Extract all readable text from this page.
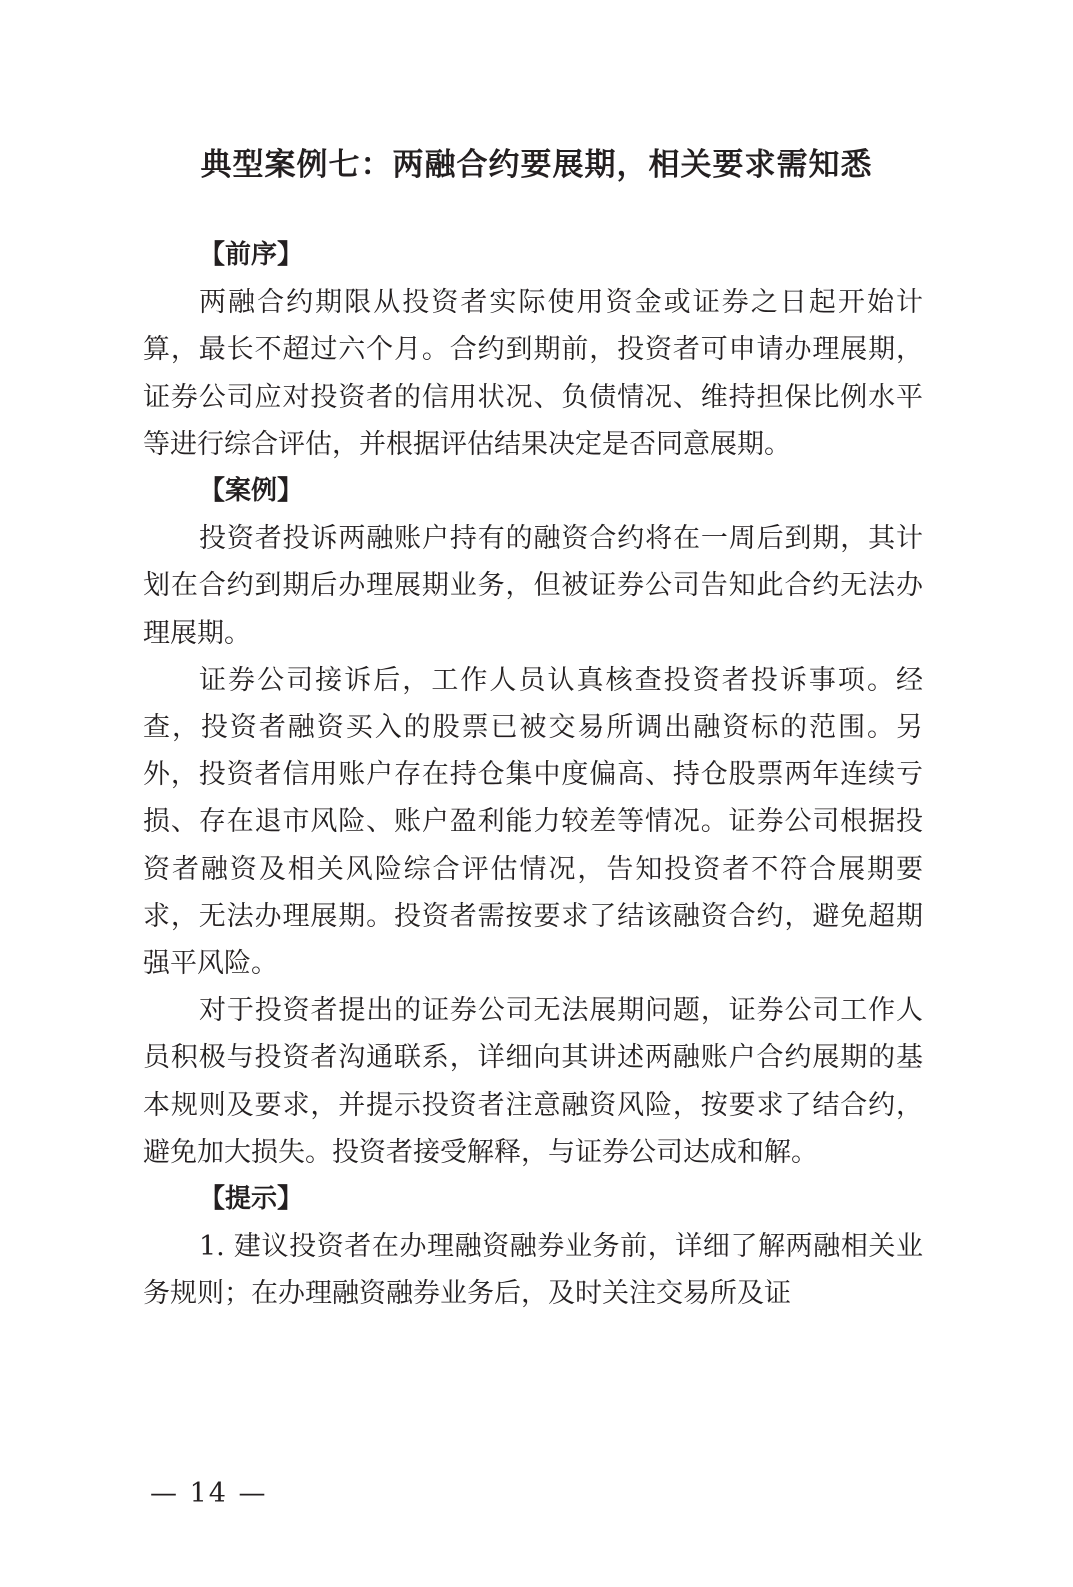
典型案例七：两融合约要展期，相关要求需知悉
【前序】

两融合约期限从投资者实际使用资金或证券之日起开始计算，最长不超过六个月。合约到期前，投资者可申请办理展期，证券公司应对投资者的信用状况、负债情况、维持担保比例水平等进行综合评估，并根据评估结果决定是否同意展期。

【案例】

投资者投诉两融账户持有的融资合约将在一周后到期，其计划在合约到期后办理展期业务，但被证券公司告知此合约无法办理展期。

证券公司接诉后，工作人员认真核查投资者投诉事项。经查，投资者融资买入的股票已被交易所调出融资标的范围。另外，投资者信用账户存在持仓集中度偏高、持仓股票两年连续亏损、存在退市风险、账户盈利能力较差等情况。证券公司根据投资者融资及相关风险综合评估情况，告知投资者不符合展期要求，无法办理展期。投资者需按要求了结该融资合约，避免超期强平风险。

对于投资者提出的证券公司无法展期问题，证券公司工作人员积极与投资者沟通联系，详细向其讲述两融账户合约展期的基本规则及要求，并提示投资者注意融资风险，按要求了结合约，避免加大损失。投资者接受解释，与证券公司达成和解。

【提示】

1. 建议投资者在办理融资融券业务前，详细了解两融相关业务规则；在办理融资融券业务后，及时关注交易所及证

— 14 —
